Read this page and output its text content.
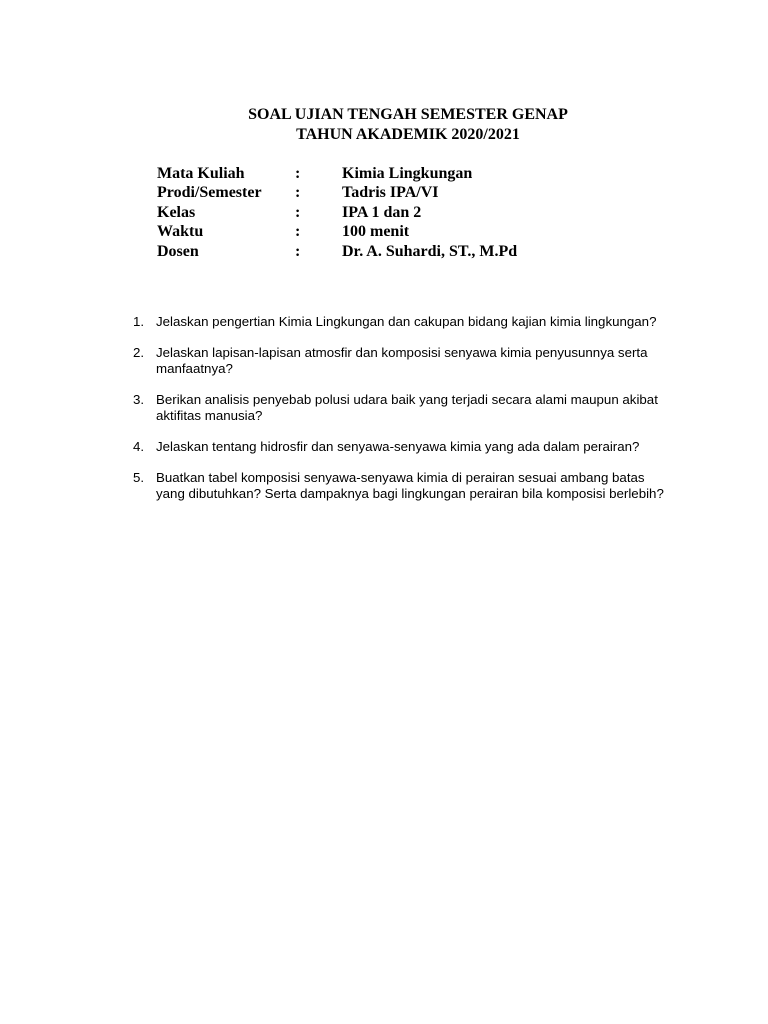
SOAL UJIAN TENGAH SEMESTER GENAP
TAHUN AKADEMIK 2020/2021
Mata Kuliah	:	Kimia Lingkungan
Prodi/Semester :	Tadris IPA/VI
Kelas	:	IPA 1 dan 2
Waktu	:	100 menit
Dosen	:	Dr. A. Suhardi, ST., M.Pd
1. Jelaskan pengertian Kimia Lingkungan dan cakupan bidang kajian kimia lingkungan?
2. Jelaskan lapisan-lapisan atmosfir dan komposisi senyawa kimia penyusunnya serta manfaatnya?
3. Berikan analisis penyebab polusi udara baik yang terjadi secara alami maupun akibat aktifitas manusia?
4. Jelaskan tentang hidrosfir dan senyawa-senyawa kimia yang ada dalam perairan?
5. Buatkan tabel komposisi senyawa-senyawa kimia di perairan sesuai ambang batas yang dibutuhkan? Serta dampaknya bagi lingkungan perairan bila komposisi berlebih?
